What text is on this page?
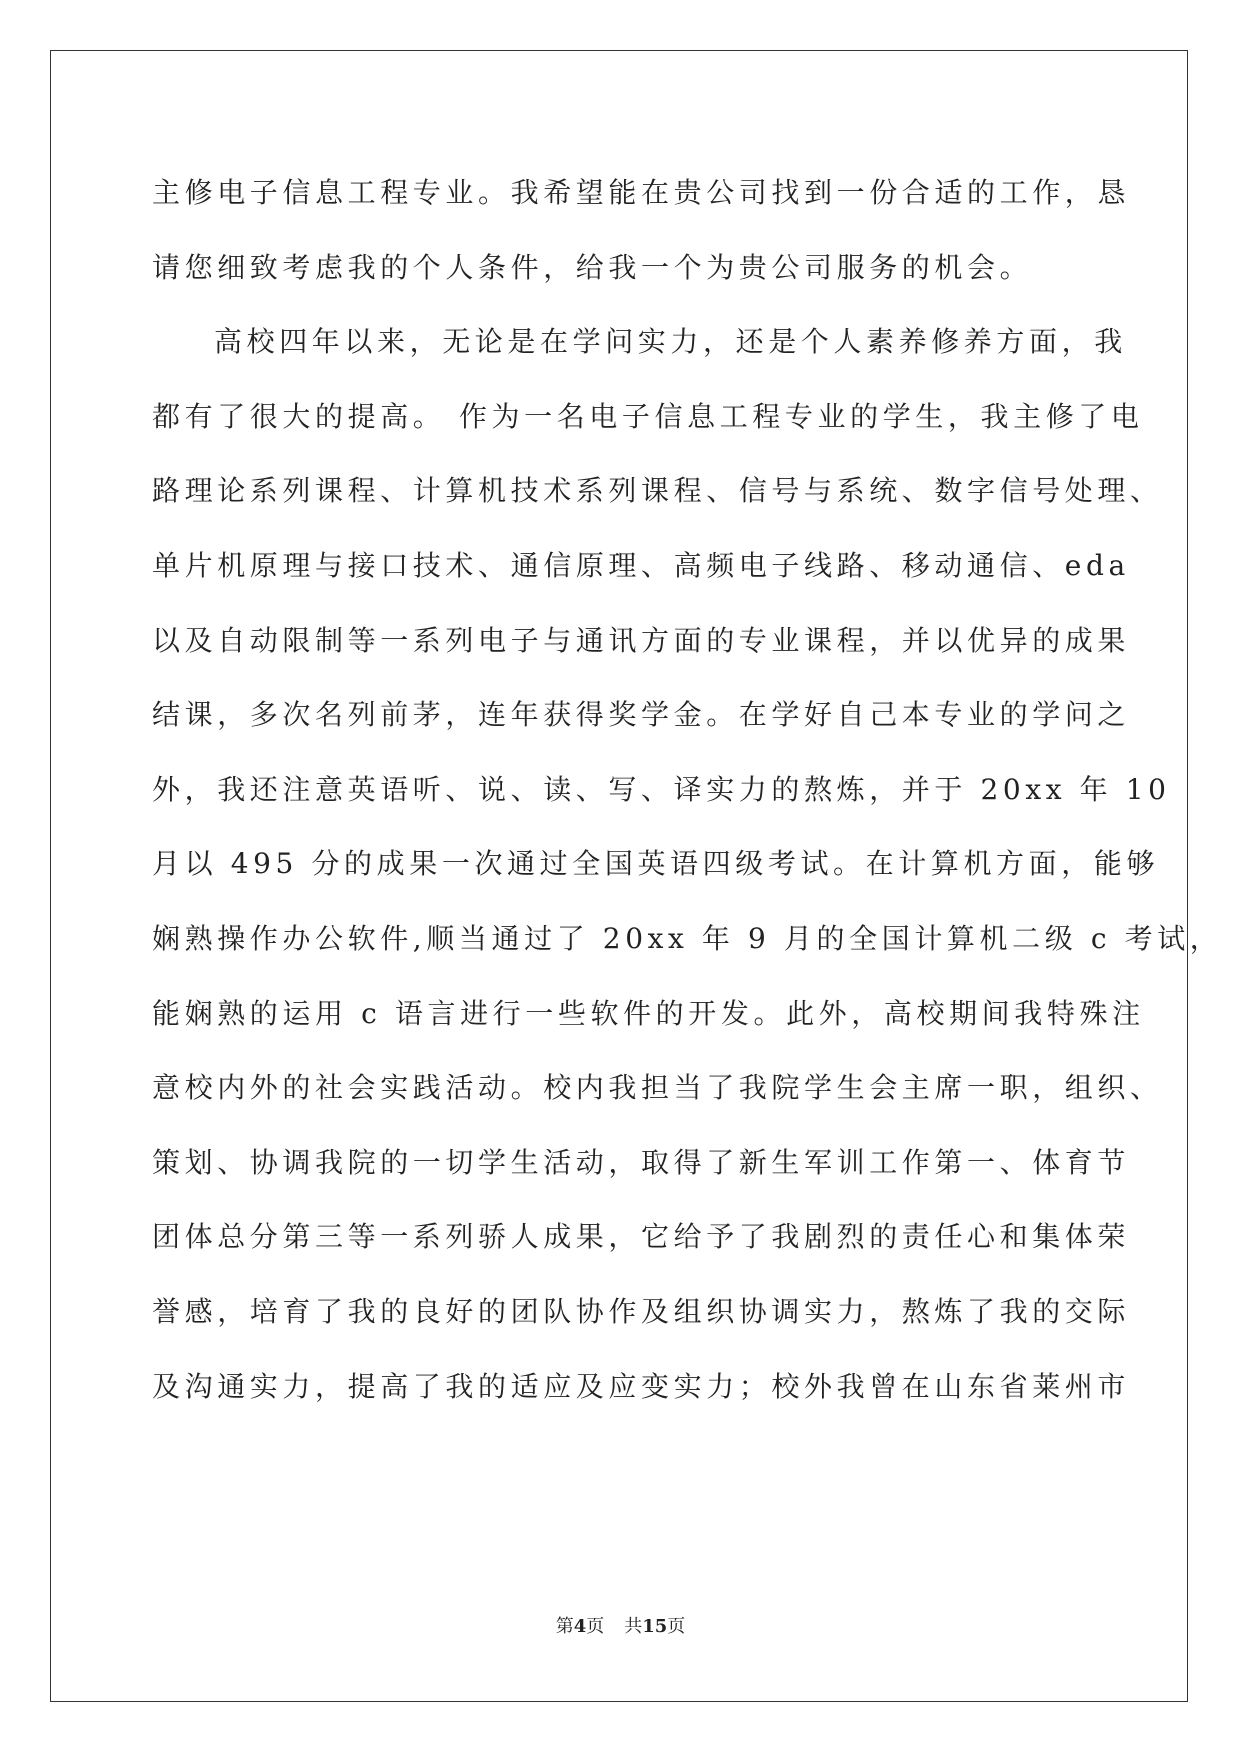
主修电子信息工程专业。我希望能在贵公司找到一份合适的工作，恳
请您细致考虑我的个人条件，给我一个为贵公司服务的机会。
高校四年以来，无论是在学问实力，还是个人素养修养方面，我
都有了很大的提高。 作为一名电子信息工程专业的学生，我主修了电
路理论系列课程、计算机技术系列课程、信号与系统、数字信号处理、
单片机原理与接口技术、通信原理、高频电子线路、移动通信、eda
以及自动限制等一系列电子与通讯方面的专业课程，并以优异的成果
结课，多次名列前茅，连年获得奖学金。在学好自己本专业的学问之
外，我还注意英语听、说、读、写、译实力的熬炼，并于 20xx 年 10
月以 495 分的成果一次通过全国英语四级考试。在计算机方面，能够
娴熟操作办公软件,顺当通过了 20xx 年 9 月的全国计算机二级 c 考试，
能娴熟的运用 c 语言进行一些软件的开发。此外，高校期间我特殊注
意校内外的社会实践活动。校内我担当了我院学生会主席一职，组织、
策划、协调我院的一切学生活动，取得了新生军训工作第一、体育节
团体总分第三等一系列骄人成果，它给予了我剧烈的责任心和集体荣
誉感，培育了我的良好的团队协作及组织协调实力，熬炼了我的交际
及沟通实力，提高了我的适应及应变实力；校外我曾在山东省莱州市
第4页 共15页
